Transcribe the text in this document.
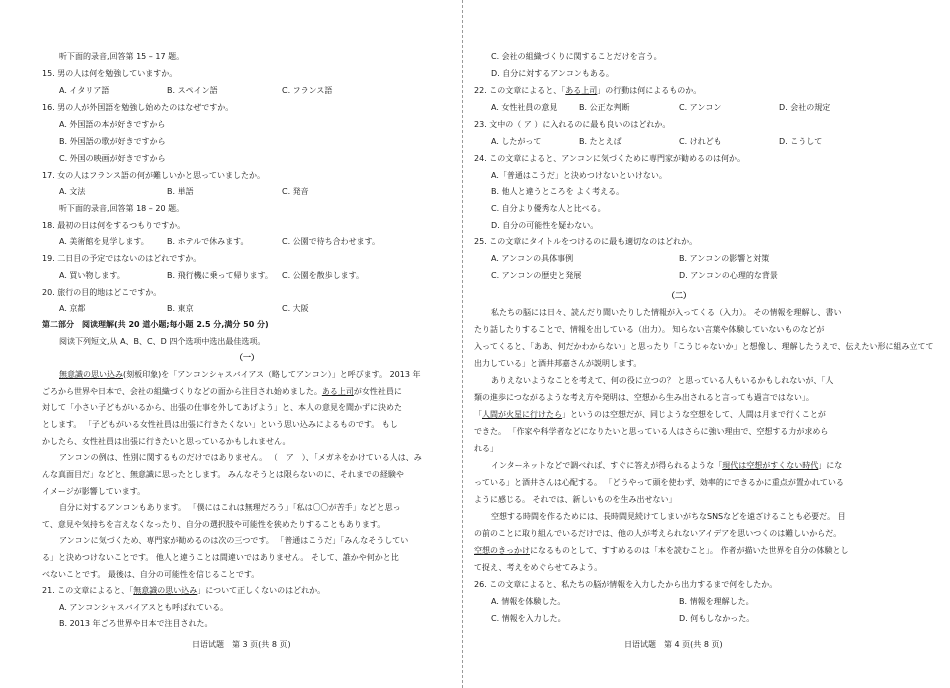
听下面的录音,回答第 15 – 17 题。
15. 男の人は何を勉強していますか。
A. イタリア語	B. スペイン語	C. フランス語
16. 男の人が外国語を勉強し始めたのはなぜですか。
A. 外国語の本が好きですから
B. 外国語の歌が好きですから
C. 外国の映画が好きですから
17. 女の人はフランス語の何が難しいかと思っていましたか。
A. 文法	B. 単語	C. 発音
听下面的录音,回答第 18 – 20 题。
18. 最初の日は何をするつもりですか。
A. 美術館を見学します。 B. ホテルで休みます。	C. 公園で待ち合わせます。
19. 二日目の予定ではないのはどれですか。
A. 買い物します。	B. 飛行機に乗って帰ります。 C. 公園を散歩します。
20. 旅行の目的地はどこですか。
A. 京都	B. 東京	C. 大阪
第二部分　阅读理解(共 20 道小题;每小题 2.5 分,满分 50 分)
阅读下列短文,从 A、B、C、D 四个选项中选出最佳选项。
（一）
無意識の思い込み(刻板印象)を「アンコンシャスバイアス（略してアンコン）」と呼びます。 2013 年
ごろから世界や日本で、会社の組織づくりなどの面から注目され始めました。ある上司が女性社員に
対して「小さい子どもがいるから、出張の仕事を外してあげよう」と、本人の意見を聞かずに決めた
とします。 「子どもがいる女性社員は出張に行きたくない」という思い込みによるものです。 もし
かしたら、女性社員は出張に行きたいと思っているかもしれません。
アンコンの例は、性別に関するものだけではありません。 （　ア　）、「メガネをかけている人は、み
んな真面目だ」などと、無意識に思ったとします。 みんなそうとは限らないのに、それまでの経験や
イメージが影響しています。
自分に対するアンコンもあります。 「僕にはこれは無理だろう」「私は〇〇が苦手」などと思っ
て、意見や気持ちを言えなくなったり、自分の選択肢や可能性を狭めたりすることもあります。
アンコンに気づくため、専門家が勧めるのは次の三つです。 「普通はこうだ」「みんなそうしてい
る」と決めつけないことです。 他人と違うことは間違いではありません。 そして、誰かや何かと比
べないことです。 最後は、自分の可能性を信じることです。
21. この文章によると、「無意識の思い込み」について正しくないのはどれか。
A. アンコンシャスバイアスとも呼ばれている。
B. 2013 年ごろ世界や日本で注目された。
日语试题　第 3 页(共 8 页)
C. 会社の組織づくりに関することだけを言う。
D. 自分に対するアンコンもある。
22. この文章によると、「ある上司」の行動は何によるものか。
A. 女性社員の意見	B. 公正な判断	C. アンコン	D. 会社の規定
23. 文中の（ ア ）に入れるのに最も良いのはどれか。
A. したがって	B. たとえば	C. けれども	D. こうして
24. この文章によると、アンコンに気づくために専門家が勧めるのは何か。
A.「普通はこうだ」と決めつけないといけない。
B. 他人と違うところを よく考える。
C. 自分より優秀な人と比べる。
D. 自分の可能性を疑わない。
25. この文章にタイトルをつけるのに最も適切なのはどれか。
A. アンコンの具体事例	B. アンコンの影響と対策
C. アンコンの歴史と発展	D. アンコンの心理的な背景
（二）
私たちの脳には日々、読んだり聞いたりした情報が入ってくる（入力）。 その情報を理解し、書い
たり話したりすることで、情報を出している（出力）。 知らない言葉や体験していないものなどが
入ってくると、「ああ、何だかわからない」と思ったり「こうじゃないか」と想像し、理解したうえで、伝えたい形に組み立てて
出力している」と酒井邦嘉さんが説明します。
ありえないようなことを考えて、何の役に立つの？ と思っている人もいるかもしれないが、「人
類の進歩につながるような考え方や発明は、空想から生み出されると言っても過言ではない」。
「人間が火星に行けたら」というのは空想だが、同じような空想をして、人間は月まで行くことが
できた。 「作家や科学者などになりたいと思っている人はさらに強い理由で、空想する力が求めら
れる」
インターネットなどで調べれば、すぐに答えが得られるような「現代は空想がすくない時代」にな
っている」と酒井さんは心配する。 「どうやって頭を使わず、効率的にできるかに重点が置かれている
ように感じる。 それでは、新しいものを生み出せない」
空想する時間を作るためには、長時間見続けてしまいがちなSNSなどを遠ざけることも必要だ。 目
の前のことに取り組んでいるだけでは、他の人が考えられないアイデアを思いつくのは難しいからだ。
空想のきっかけになるものとして、すすめるのは「本を読むこと」。 作者が描いた世界を自分の体験とし
て捉え、考えをめぐらせてみよう。
26. この文章によると、私たちの脳が情報を入力したから出力するまで何をしたか。
A. 情報を体験した。	B. 情報を理解した。
C. 情報を入力した。	D. 何もしなかった。
日语试题　第 4 页(共 8 页)
